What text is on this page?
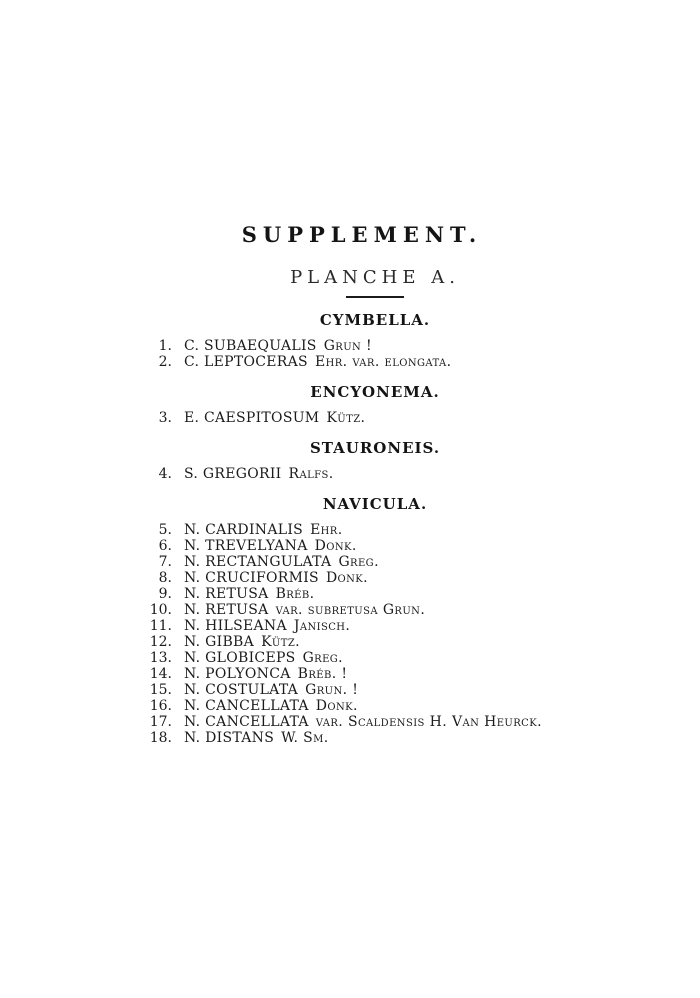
SUPPLEMENT.
PLANCHE A.
CYMBELLA.
1. C. SUBAEQUALIS Grun !
2. C. LEPTOCERAS Ehr. var. elongata.
ENCYONEMA.
3. E. CAESPITOSUM Kütz.
STAURONEIS.
4. S. GREGORII Ralfs.
NAVICULA.
5. N. CARDINALIS Ehr.
6. N. TREVELYANA Donk.
7. N. RECTANGULATA Greg.
8. N. CRUCIFORMIS Donk.
9. N. RETUSA Bréb.
10. N. RETUSA var. subretusa Grun.
11. N. HILSEANA Janisch.
12. N. GIBBA Kütz.
13. N. GLOBICEPS Greg.
14. N. POLYONCA Bréb. !
15. N. COSTULATA Grun. !
16. N. CANCELLATA Donk.
17. N. CANCELLATA var. Scaldensis H. Van Heurck.
18. N. DISTANS W. Sm.
